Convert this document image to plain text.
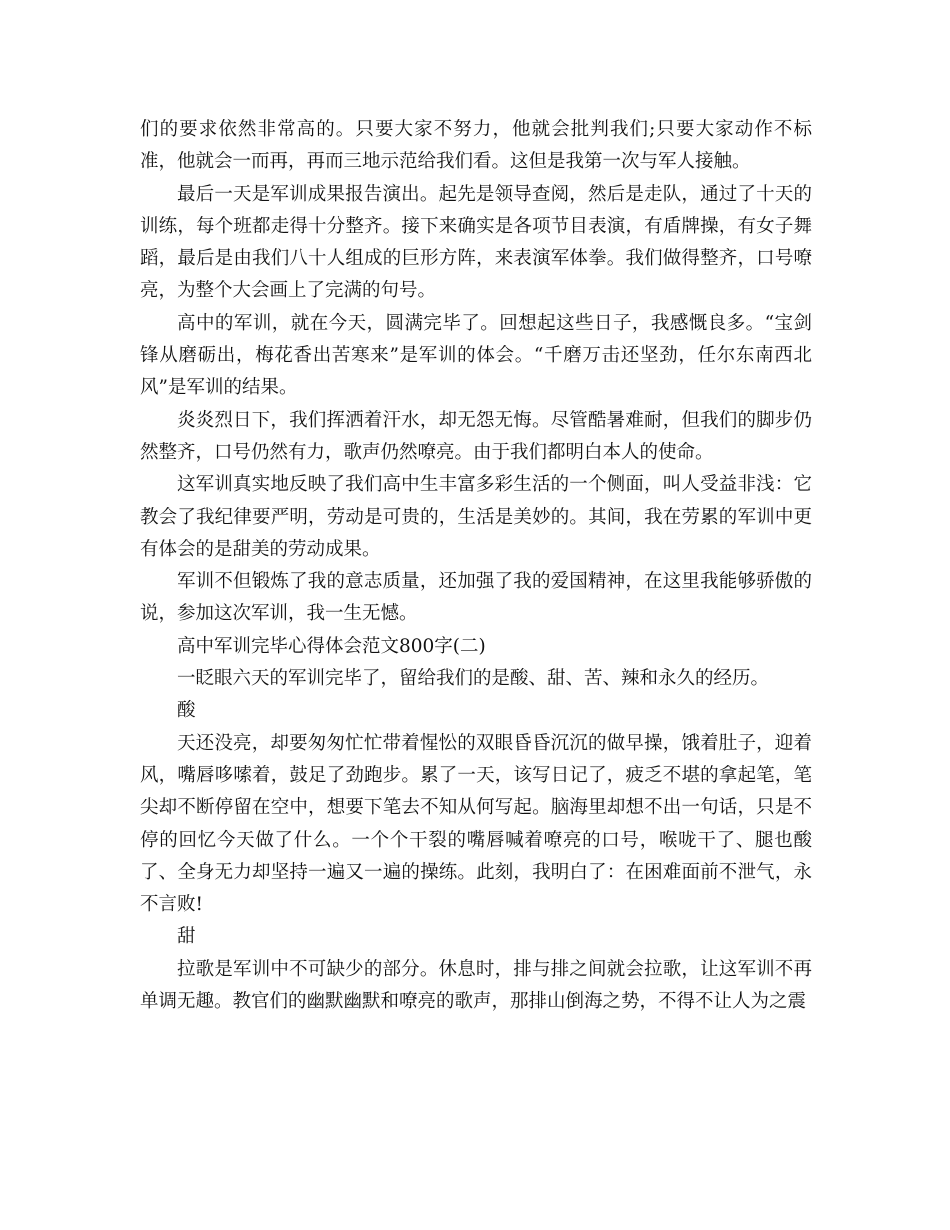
们的要求依然非常高的。只要大家不努力，他就会批判我们;只要大家动作不标准，他就会一而再，再而三地示范给我们看。这但是我第一次与军人接触。

最后一天是军训成果报告演出。起先是领导查阅，然后是走队，通过了十天的训练，每个班都走得十分整齐。接下来确实是各项节目表演，有盾牌操，有女子舞蹈，最后是由我们八十人组成的巨形方阵，来表演军体拳。我们做得整齐，口号嘹亮，为整个大会画上了完满的句号。

高中的军训，就在今天，圆满完毕了。回想起这些日子，我感慨良多。“宝剑锋从磨砺出，梅花香出苦寒来”是军训的体会。“千磨万击还坚劲，任尔东南西北风”是军训的结果。

炎炎烈日下，我们挥洒着汗水，却无怨无悔。尽管酷暑难耐，但我们的脚步仍然整齐，口号仍然有力，歌声仍然嘹亮。由于我们都明白本人的使命。

这军训真实地反映了我们高中生丰富多彩生活的一个侧面，叫人受益非浅：它教会了我纪律要严明，劳动是可贵的，生活是美妙的。其间，我在劳累的军训中更有体会的是甜美的劳动成果。

军训不但锻炼了我的意志质量，还加强了我的爱国精神，在这里我能够骄傲的说，参加这次军训，我一生无憾。

高中军训完毕心得体会范文800字(二)

一眨眼六天的军训完毕了，留给我们的是酸、甜、苦、辣和永久的经历。

酸

天还没亮，却要匆匆忙忙带着惺忪的双眼昏昏沉沉的做早操，饿着肚子，迎着风，嘴唇哆嗦着，鼓足了劲跑步。累了一天，该写日记了，疲乏不堪的拿起笔，笔尖却不断停留在空中，想要下笔去不知从何写起。脑海里却想不出一句话，只是不停的回忆今天做了什么。一个个干裂的嘴唇喊着嘹亮的口号，喉咙干了、腿也酸了、全身无力却坚持一遍又一遍的操练。此刻，我明白了：在困难面前不泄气，永不言败!

甜

拉歌是军训中不可缺少的部分。休息时，排与排之间就会拉歌，让这军训不再单调无趣。教官们的幽默幽默和嘹亮的歌声，那排山倒海之势，不得不让人为之震
